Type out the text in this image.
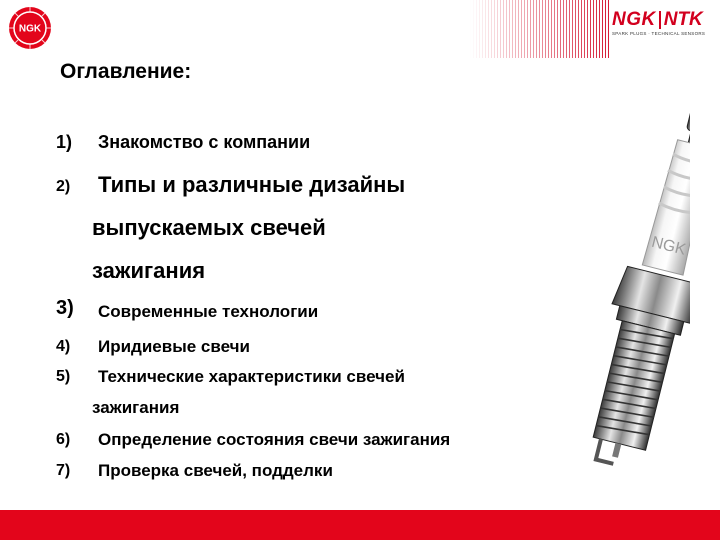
NGK	NGK NTK
SPARK PLUGS · TECHNICAL SENSORS
Оглавление:
1) Знакомство с компании
2) Типы и различные дизайны
выпускаемых свечей
зажигания
3) Современные технологии
4) Иридиевые свечи
5) Технические характеристики свечей
зажигания
6) Определение состояния свечи зажигания
7) Проверка свечей, подделки
NGK
